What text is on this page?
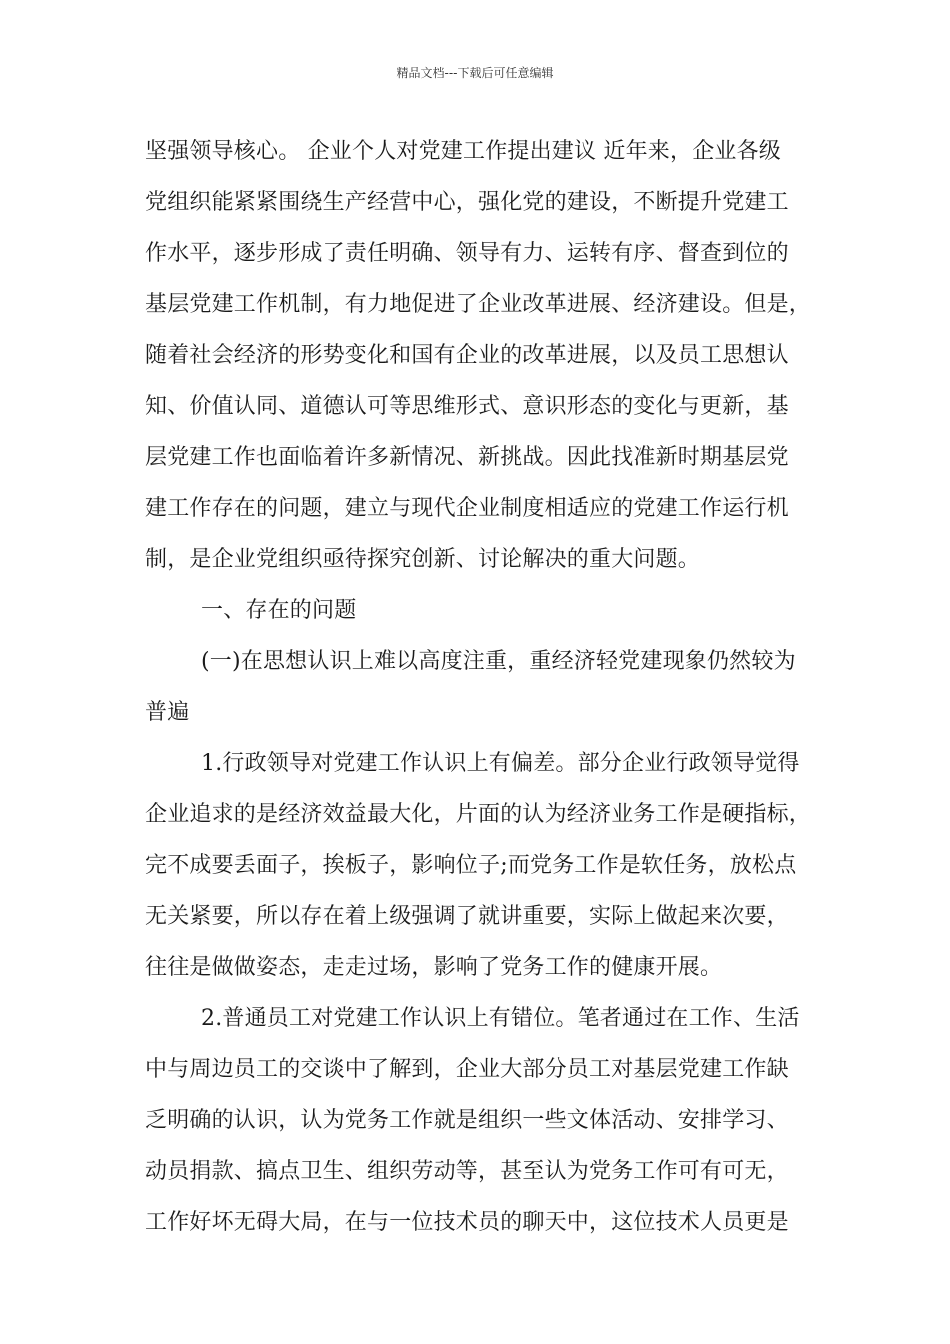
精品文档---下载后可任意编辑
坚强领导核心。 企业个人对党建工作提出建议 近年来，企业各级
党组织能紧紧围绕生产经营中心，强化党的建设，不断提升党建工
作水平，逐步形成了责任明确、领导有力、运转有序、督查到位的
基层党建工作机制，有力地促进了企业改革进展、经济建设。但是，
随着社会经济的形势变化和国有企业的改革进展，以及员工思想认
知、价值认同、道德认可等思维形式、意识形态的变化与更新，基
层党建工作也面临着许多新情况、新挑战。因此找准新时期基层党
建工作存在的问题，建立与现代企业制度相适应的党建工作运行机
制，是企业党组织亟待探究创新、讨论解决的重大问题。
一、存在的问题
(一)在思想认识上难以高度注重，重经济轻党建现象仍然较为
普遍
1.行政领导对党建工作认识上有偏差。部分企业行政领导觉得
企业追求的是经济效益最大化，片面的认为经济业务工作是硬指标，
完不成要丢面子，挨板子，影响位子;而党务工作是软任务，放松点
无关紧要，所以存在着上级强调了就讲重要，实际上做起来次要，
往往是做做姿态，走走过场，影响了党务工作的健康开展。
2.普通员工对党建工作认识上有错位。笔者通过在工作、生活
中与周边员工的交谈中了解到，企业大部分员工对基层党建工作缺
乏明确的认识，认为党务工作就是组织一些文体活动、安排学习、
动员捐款、搞点卫生、组织劳动等，甚至认为党务工作可有可无，
工作好坏无碍大局，在与一位技术员的聊天中，这位技术人员更是
